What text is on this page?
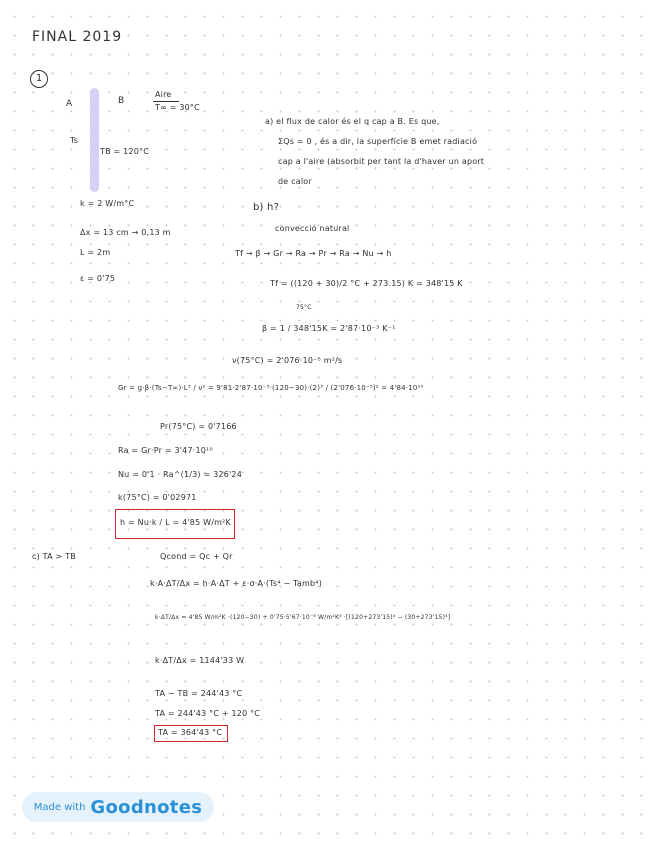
FINAL 2019
1
A	B
Aire
T∞ = 30°C
Ts
TB = 120°C
k = 2 W/m°C
Δx = 13 cm → 0,13 m
L = 2m
ε = 0'75
a) el flux de calor és el q cap a B. Es que,
ΣQs = 0 , és a dir, la superfície B emet radiació
cap a l'aire (absorbit per tant la d'haver un aport
de calor
b) h?
convecció natural
Tf → β → Gr → Ra → Pr → Ra → Nu → h
Tf = ((120 + 30)/2 °C + 273.15) K = 348'15 K
75°C
β = 1 / 348'15K = 2'87·10⁻³ K⁻¹
ν(75°C) = 2'076·10⁻⁵ m²/s
Gr = g·β·(Ts−T∞)·L³ / ν² = 9'81·2'87·10⁻³·(120−30)·(2)³ / (2'076·10⁻⁵)² = 4'84·10¹⁰
Pr(75°C) = 0'7166
Ra = Gr·Pr = 3'47·10¹⁰
Nu = 0'1 · Ra^(1/3) = 326'24
k(75°C) = 0'02971
h = Nu·k / L = 4'85 W/m²K
c) TA > TB	Qcond = Qc + Qr
k·A·ΔT/Δx = h·A·ΔT + ε·σ·A·(Ts⁴ − Tamb⁴)
k·ΔT/Δx = 4'85 W/m²K ·(120−30) + 0'75·5'67·10⁻⁸ W/m²K⁴ ·[(120+273'15)⁴ − (30+273'15)⁴]
k·ΔT/Δx = 1144'33 W
TA − TB = 244'43 °C
TA = 244'43 °C + 120 °C
TA = 364'43 °C
Made with Goodnotes
